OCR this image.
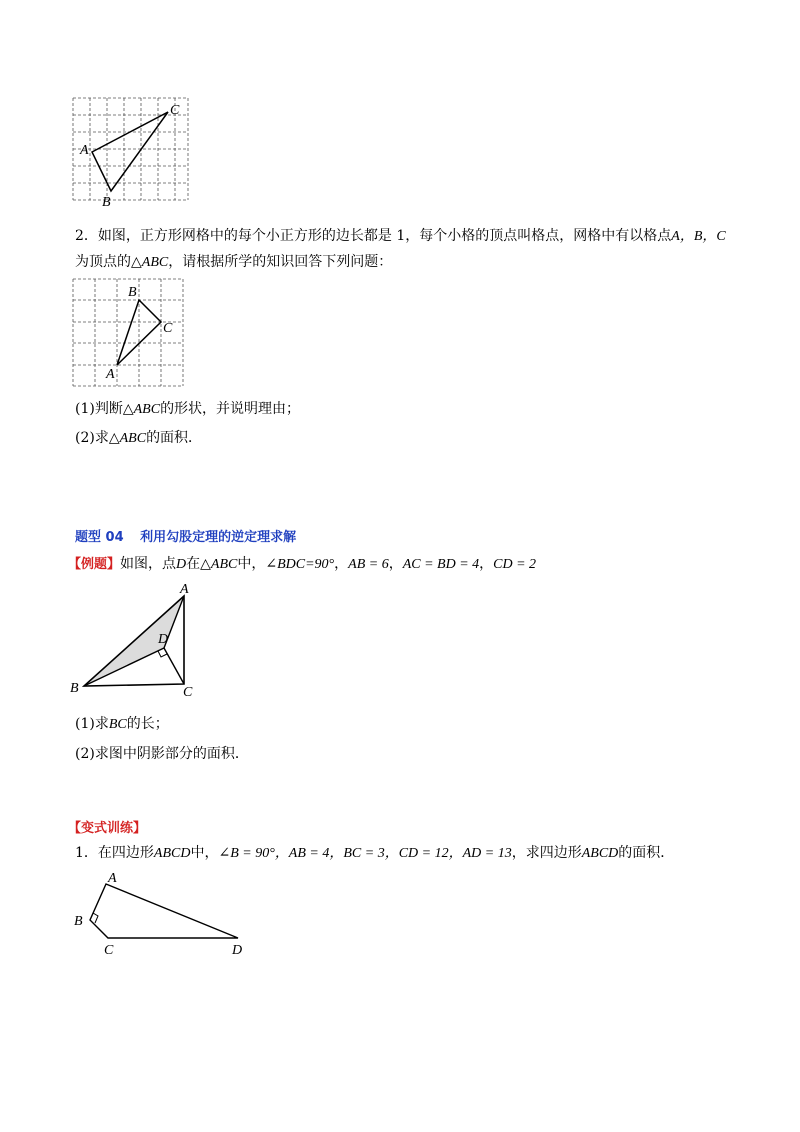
A
C
B
2．如图，正方形网格中的每个小正方形的边长都是 1，每个小格的顶点叫格点，网格中有以格点A，B，C
为顶点的△ABC，请根据所学的知识回答下列问题：
B
C
A
(1)判断△ABC的形状，并说明理由；
(2)求△ABC的面积．
题型 04 利用勾股定理的逆定理求解
【例题】如图，点D在△ABC中，∠BDC=90°，AB = 6，AC = BD = 4，CD = 2
A
D
B	C
(1)求BC的长；
(2)求图中阴影部分的面积．
【变式训练】
1．在四边形ABCD中，∠B = 90°，AB = 4，BC = 3，CD = 12，AD = 13，求四边形ABCD的面积．
A
B
C	D
